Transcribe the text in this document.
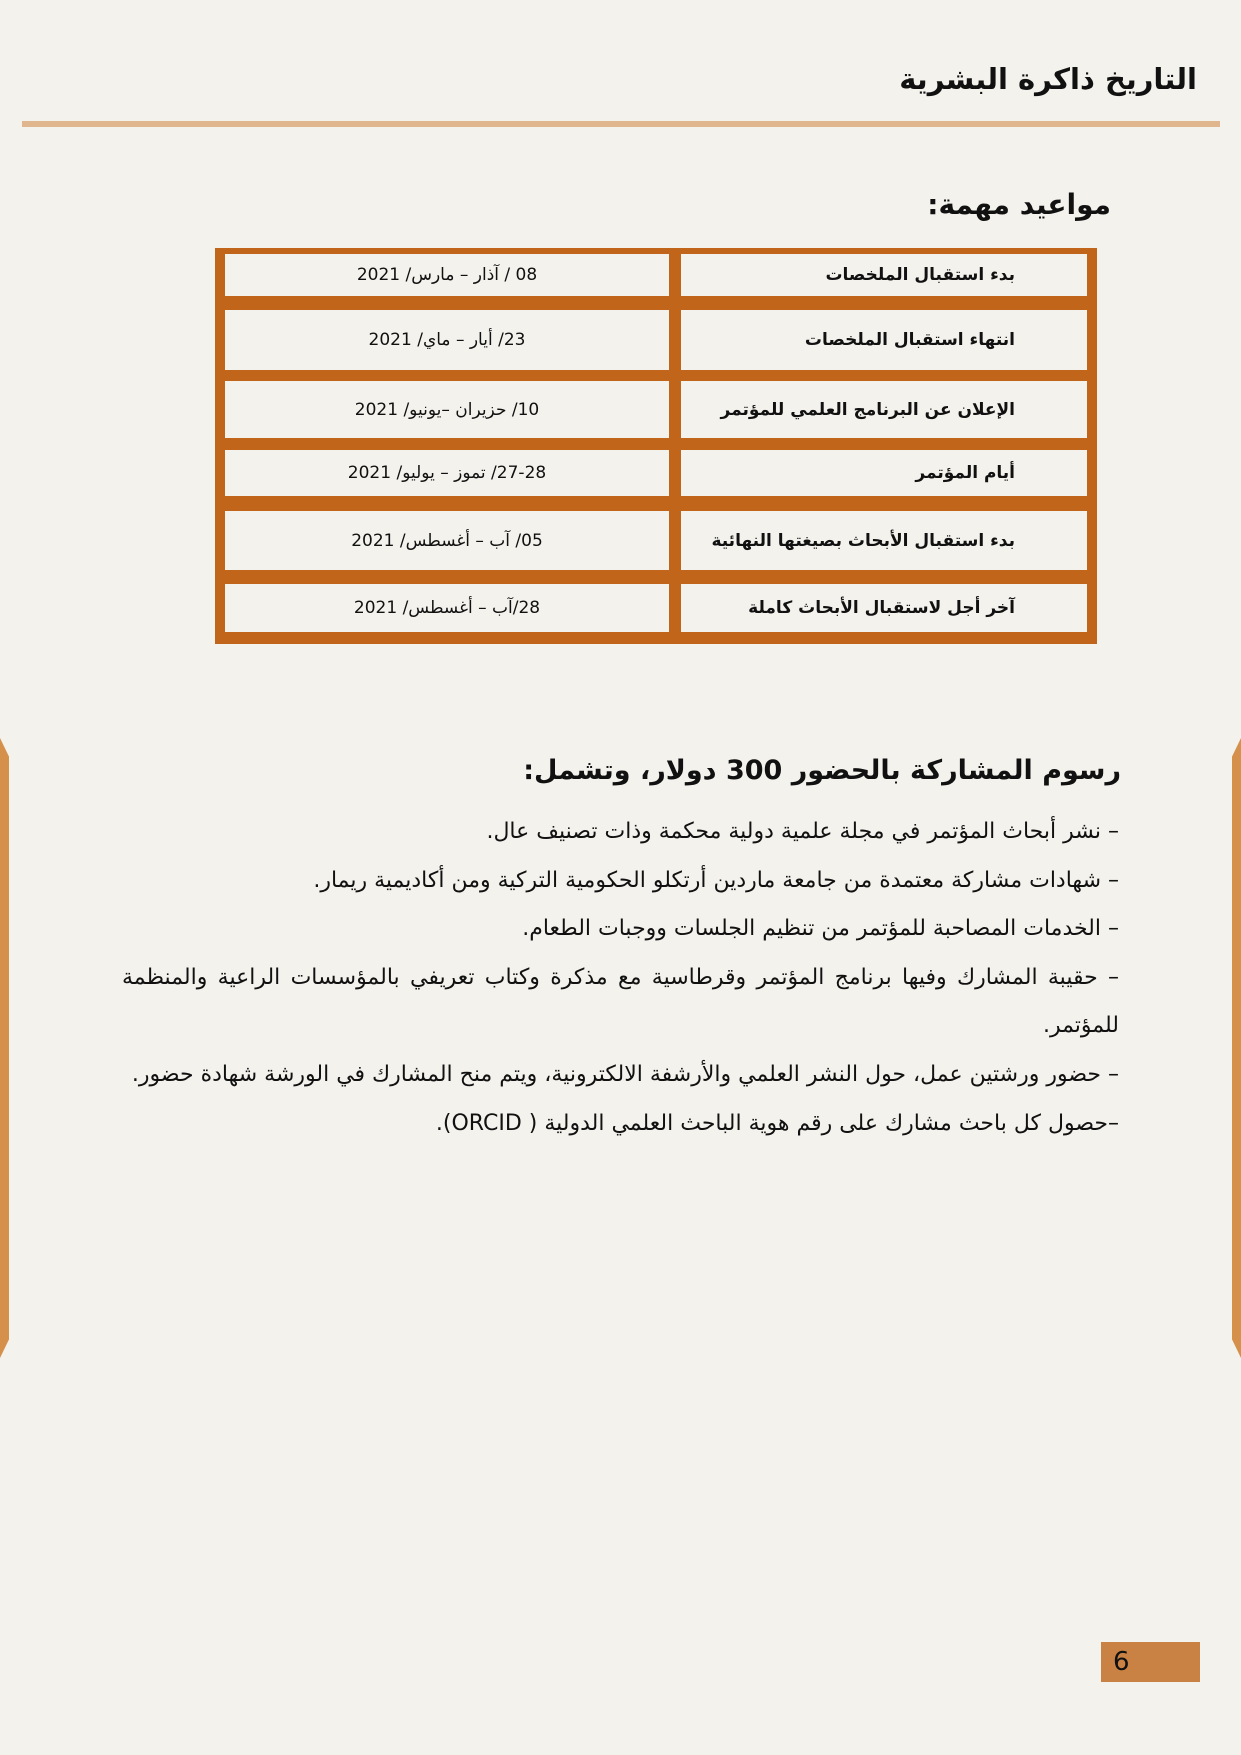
التاريخ ذاكرة البشرية
مواعيد مهمة:
بدء استقبال الملخصات
08 / آذار – مارس/ 2021
انتهاء استقبال الملخصات
23/ أيار – ماي/ 2021
الإعلان عن البرنامج العلمي للمؤتمر
10/ حزيران –يونيو/ 2021
أيام المؤتمر
27-28/ تموز – يوليو/ 2021
بدء استقبال الأبحاث بصيغتها النهائية
05/ آب – أغسطس/ 2021
آخر أجل لاستقبال الأبحاث كاملة
28/آب – أغسطس/ 2021
رسوم المشاركة بالحضور 300 دولار، وتشمل:

– نشر أبحاث المؤتمر في مجلة علمية دولية محكمة وذات تصنيف عال.

– شهادات مشاركة معتمدة من جامعة ماردين أرتكلو الحكومية التركية ومن أكاديمية ريمار.

– الخدمات المصاحبة للمؤتمر من تنظيم الجلسات ووجبات الطعام.

– حقيبة المشارك وفيها برنامج المؤتمر وقرطاسية مع مذكرة وكتاب تعريفي بالمؤسسات الراعية والمنظمة للمؤتمر.

– حضور ورشتين عمل، حول النشر العلمي والأرشفة الالكترونية، ويتم منح المشارك في الورشة شهادة حضور.

–حصول كل باحث مشارك على رقم هوية الباحث العلمي الدولية ( ORCID).

6
